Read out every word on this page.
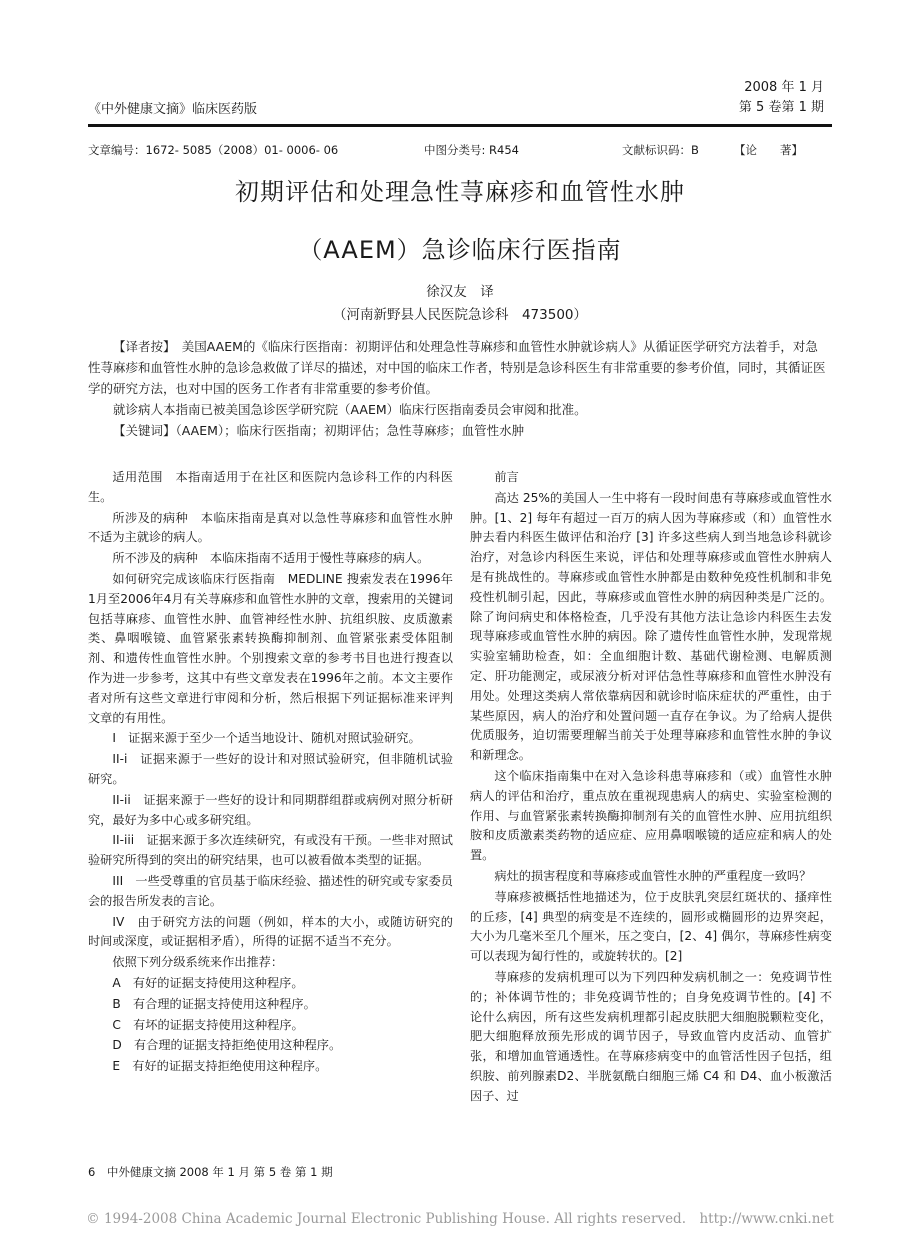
《中外健康文摘》临床医药版
2008 年 1 月
第 5 卷第 1 期
文章编号：1672- 5085（2008）01- 0006- 06	中图分类号: R454	文献标识码：B	【论　　著】
初期评估和处理急性荨麻疹和血管性水肿
（AAEM）急诊临床行医指南
徐汉友　译
（河南新野县人民医院急诊科　473500）

【译者按】　美国AAEM的《临床行医指南：初期评估和处理急性荨麻疹和血管性水肿就诊病人》从循证医学研究方法着手，对急性荨麻疹和血管性水肿的急诊急救做了详尽的描述，对中国的临床工作者，特别是急诊科医生有非常重要的参考价值，同时，其循证医学的研究方法，也对中国的医务工作者有非常重要的参考价值。

就诊病人本指南已被美国急诊医学研究院（AAEM）临床行医指南委员会审阅和批准。

【关键词】（AAEM）；临床行医指南；初期评估；急性荨麻疹；血管性水肿

适用范围　本指南适用于在社区和医院内急诊科工作的内科医生。

所涉及的病种　本临床指南是真对以急性荨麻疹和血管性水肿不适为主就诊的病人。

所不涉及的病种　本临床指南不适用于慢性荨麻疹的病人。

如何研究完成该临床行医指南　MEDLINE 搜索发表在1996年1月至2006年4月有关荨麻疹和血管性水肿的文章，搜索用的关键词包括荨麻疹、血管性水肿、血管神经性水肿、抗组织胺、皮质激素类、鼻咽喉镜、血管紧张素转换酶抑制剂、血管紧张素受体阻制剂、和遗传性血管性水肿。个别搜索文章的参考书目也进行搜查以作为进一步参考，这其中有些文章发表在1996年之前。本文主要作者对所有这些文章进行审阅和分析，然后根据下列证据标准来评判文章的有用性。

I　证据来源于至少一个适当地设计、随机对照试验研究。

II-i　证据来源于一些好的设计和对照试验研究，但非随机试验研究。

II-ii　证据来源于一些好的设计和同期群组群或病例对照分析研究，最好为多中心或多研究组。

II-iii　证据来源于多次连续研究，有或没有干预。一些非对照试验研究所得到的突出的研究结果，也可以被看做本类型的证据。

III　一些受尊重的官员基于临床经验、描述性的研究或专家委员会的报告所发表的言论。

IV　由于研究方法的问题（例如，样本的大小，或随访研究的时间或深度，或证据相矛盾），所得的证据不适当不充分。

依照下列分级系统来作出推荐：

A　有好的证据支持使用这种程序。

B　有合理的证据支持使用这种程序。

C　有坏的证据支持使用这种程序。

D　有合理的证据支持拒绝使用这种程序。

E　有好的证据支持拒绝使用这种程序。

前言

高达 25%的美国人一生中将有一段时间患有荨麻疹或血管性水肿。[1、2] 每年有超过一百万的病人因为荨麻疹或（和）血管性水肿去看内科医生做评估和治疗 [3] 许多这些病人到当地急诊科就诊治疗，对急诊内科医生来说，评估和处理荨麻疹或血管性水肿病人是有挑战性的。荨麻疹或血管性水肿都是由数种免疫性机制和非免疫性机制引起，因此，荨麻疹或血管性水肿的病因种类是广泛的。除了询问病史和体格检查，几乎没有其他方法让急诊内科医生去发现荨麻疹或血管性水肿的病因。除了遗传性血管性水肿，发现常规实验室辅助检查，如：全血细胞计数、基础代谢检测、电解质测定、肝功能测定，或尿液分析对评估急性荨麻疹和血管性水肿没有用处。处理这类病人常依靠病因和就诊时临床症状的严重性，由于某些原因，病人的治疗和处置问题一直存在争议。为了给病人提供优质服务，迫切需要理解当前关于处理荨麻疹和血管性水肿的争议和新理念。

这个临床指南集中在对入急诊科患荨麻疹和（或）血管性水肿病人的评估和治疗，重点放在重视现患病人的病史、实验室检测的作用、与血管紧张素转换酶抑制剂有关的血管性水肿、应用抗组织胺和皮质激素类药物的适应症、应用鼻咽喉镜的适应症和病人的处置。

病灶的损害程度和荨麻疹或血管性水肿的严重程度一致吗？

荨麻疹被概括性地描述为，位于皮肤乳突层红斑状的、搔痒性的丘疹，[4] 典型的病变是不连续的，圆形或椭圆形的边界突起，大小为几毫米至几个厘米，压之变白，[2、4] 偶尔，荨麻疹性病变可以表现为匐行性的，或旋转状的。[2]

荨麻疹的发病机理可以为下列四种发病机制之一：免疫调节性的；补体调节性的；非免疫调节性的；自身免疫调节性的。[4] 不论什么病因，所有这些发病机理都引起皮肤肥大细胞脱颗粒变化，肥大细胞释放预先形成的调节因子，导致血管内皮活动、血管扩张，和增加血管通透性。在荨麻疹病变中的血管活性因子包括，组织胺、前列腺素D2、半胱氨酰白细胞三烯 C4 和 D4、血小板激活因子、过

6　中外健康文摘 2008 年 1 月 第 5 卷 第 1 期
© 1994-2008 China Academic Journal Electronic Publishing House. All rights reserved.　http://www.cnki.net
